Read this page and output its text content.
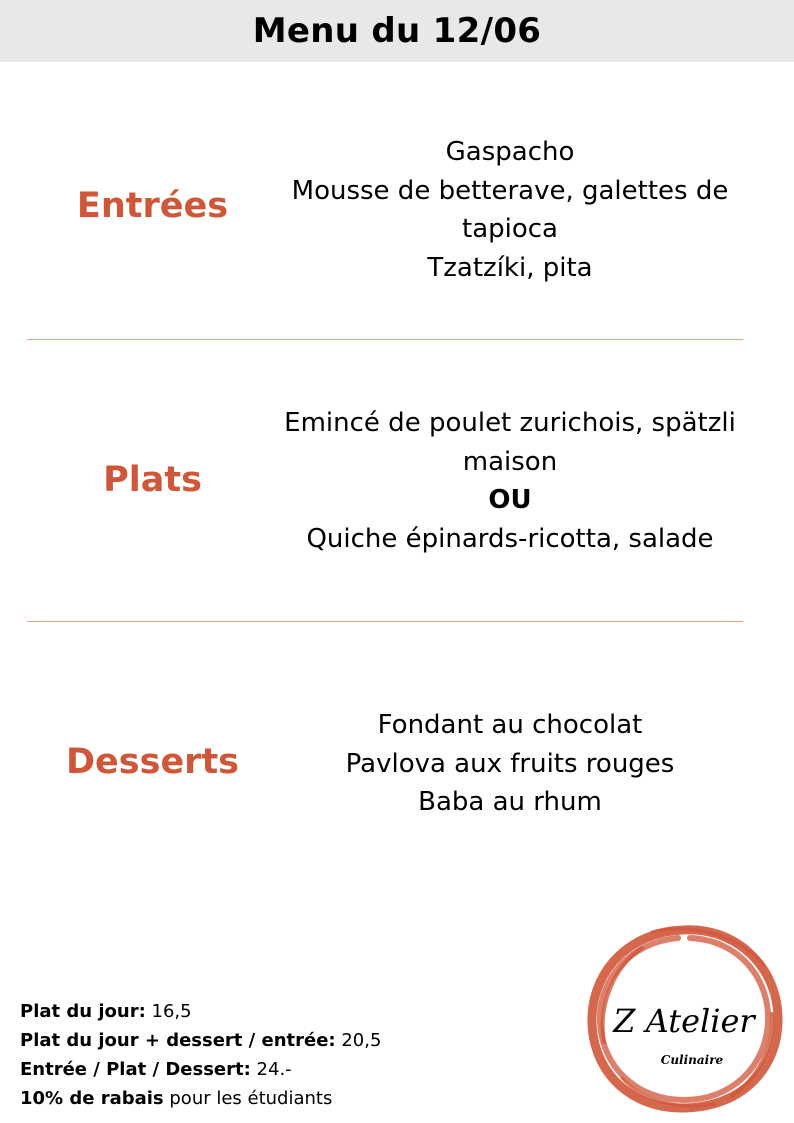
Menu du 12/06
Entrées
Gaspacho
Mousse de betterave, galettes de
tapioca
Tzatzíki, pita
Plats
Emincé de poulet zurichois, spätzli
maison
OU
Quiche épinards-ricotta, salade
Desserts
Fondant au chocolat
Pavlova aux fruits rouges
Baba au rhum
Plat du jour: 16,5
Plat du jour + dessert / entrée: 20,5
Entrée / Plat / Dessert: 24.-
10% de rabais pour les étudiants
Z Atelier
Culinaire
